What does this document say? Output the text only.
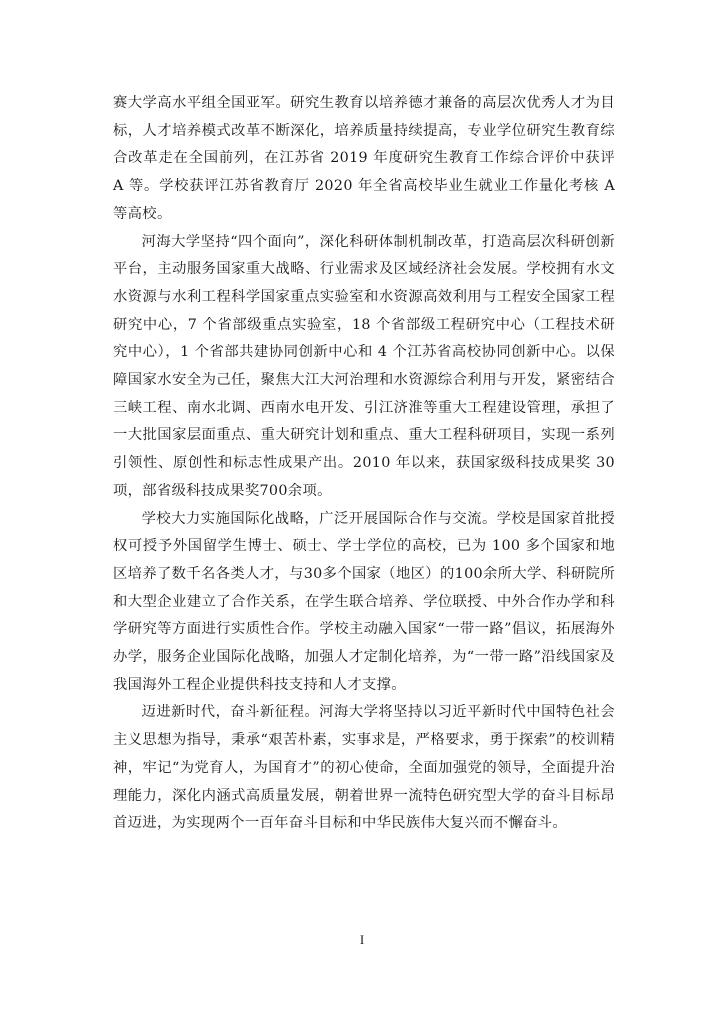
赛大学高水平组全国亚军。研究生教育以培养德才兼备的高层次优秀人才为目标，人才培养模式改革不断深化，培养质量持续提高，专业学位研究生教育综合改革走在全国前列，在江苏省 2019 年度研究生教育工作综合评价中获评 A 等。学校获评江苏省教育厅 2020 年全省高校毕业生就业工作量化考核 A 等高校。

河海大学坚持“四个面向”，深化科研体制机制改革，打造高层次科研创新平台，主动服务国家重大战略、行业需求及区域经济社会发展。学校拥有水文水资源与水利工程科学国家重点实验室和水资源高效利用与工程安全国家工程研究中心，7 个省部级重点实验室，18 个省部级工程研究中心（工程技术研究中心），1 个省部共建协同创新中心和 4 个江苏省高校协同创新中心。以保障国家水安全为己任，聚焦大江大河治理和水资源综合利用与开发，紧密结合三峡工程、南水北调、西南水电开发、引江济淮等重大工程建设管理，承担了一大批国家层面重点、重大研究计划和重点、重大工程科研项目，实现一系列引领性、原创性和标志性成果产出。2010 年以来，获国家级科技成果奖 30 项，部省级科技成果奖700余项。

学校大力实施国际化战略，广泛开展国际合作与交流。学校是国家首批授权可授予外国留学生博士、硕士、学士学位的高校，已为 100 多个国家和地区培养了数千名各类人才，与30多个国家（地区）的100余所大学、科研院所和大型企业建立了合作关系，在学生联合培养、学位联授、中外合作办学和科学研究等方面进行实质性合作。学校主动融入国家“一带一路”倡议，拓展海外办学，服务企业国际化战略，加强人才定制化培养，为“一带一路”沿线国家及我国海外工程企业提供科技支持和人才支撑。

迈进新时代，奋斗新征程。河海大学将坚持以习近平新时代中国特色社会主义思想为指导，秉承“艰苦朴素，实事求是，严格要求，勇于探索”的校训精神，牢记“为党育人，为国育才”的初心使命，全面加强党的领导，全面提升治理能力，深化内涵式高质量发展，朝着世界一流特色研究型大学的奋斗目标昂首迈进，为实现两个一百年奋斗目标和中华民族伟大复兴而不懈奋斗。

I
